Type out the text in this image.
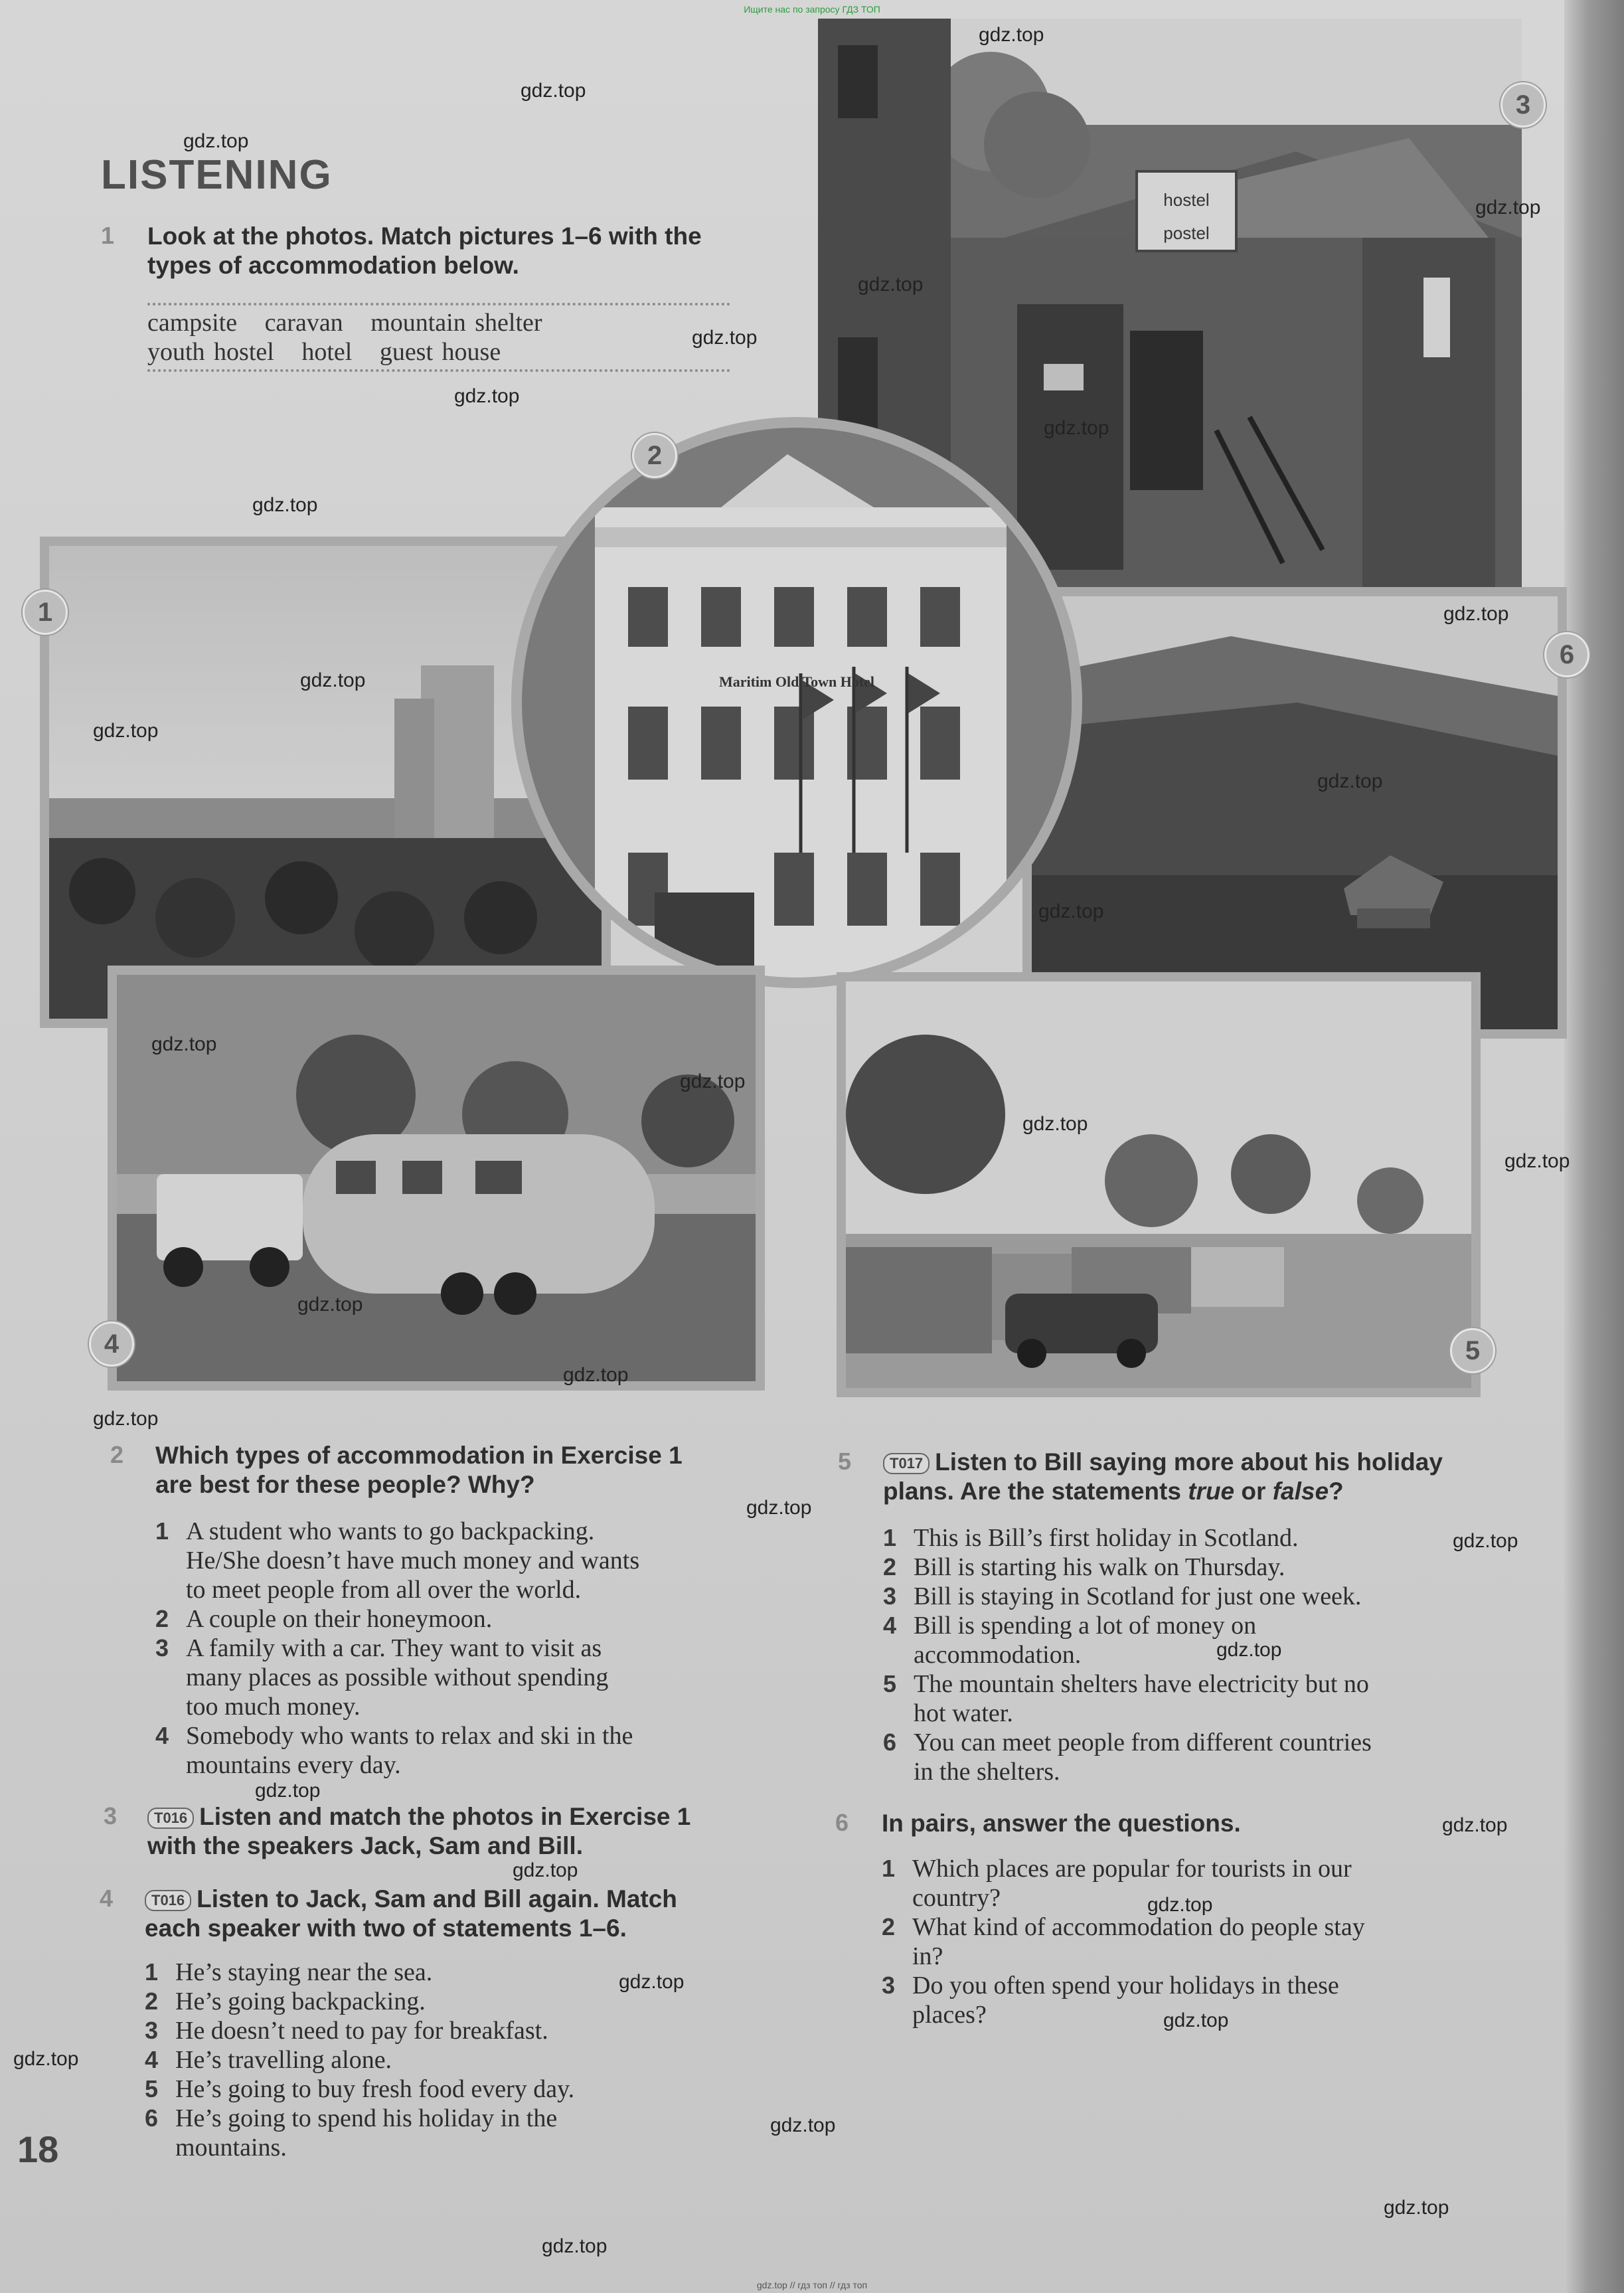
Ищите нас по запросу ГДЗ ТОП
gdz.top // гдз топ // гдз топ
LISTENING
1 Look at the photos. Match pictures 1–6 with the
types of accommodation below.
campsite caravan mountain shelter
youth hostel hotel guest house
hostel
postel
Maritim Old Town Hotel
1
2
3
4	5
6
2 Which types of accommodation in Exercise 1
are best for these people? Why?
1 A student who wants to go backpacking.
He/She doesn’t have much money and wants
to meet people from all over the world.
2 A couple on their honeymoon.
3 A family with a car. They want to visit as
many places as possible without spending
too much money.
4 Somebody who wants to relax and ski in the
mountains every day.
3	T016 Listen and match the photos in Exercise 1
with the speakers Jack, Sam and Bill.
4	T016 Listen to Jack, Sam and Bill again. Match
each speaker with two of statements 1–6.
1 He’s staying near the sea.
2 He’s going backpacking.
3 He doesn’t need to pay for breakfast.
4 He’s travelling alone.
5 He’s going to buy fresh food every day.
6 He’s going to spend his holiday in the
mountains.
5	T017 Listen to Bill saying more about his holiday
plans. Are the statements true or false?
1 This is Bill’s first holiday in Scotland.
2 Bill is starting his walk on Thursday.
3 Bill is staying in Scotland for just one week.
4 Bill is spending a lot of money on
accommodation.
5 The mountain shelters have electricity but no
hot water.
6 You can meet people from different countries
in the shelters.
6 In pairs, answer the questions.
1 Which places are popular for tourists in our
country?
2 What kind of accommodation do people stay
in?
3 Do you often spend your holidays in these
places?
18
gdz.top
gdz.top
gdz.top
gdz.top
gdz.top
gdz.top
gdz.top
gdz.top
gdz.top
gdz.top
gdz.top
gdz.top
gdz.top
gdz.top
gdz.top
gdz.top
gdz.top
gdz.top
gdz.top
gdz.top
gdz.top
gdz.top
gdz.top
gdz.top
gdz.top
gdz.top
gdz.top
gdz.top
gdz.top
gdz.top
gdz.top
gdz.top
gdz.top
gdz.top
